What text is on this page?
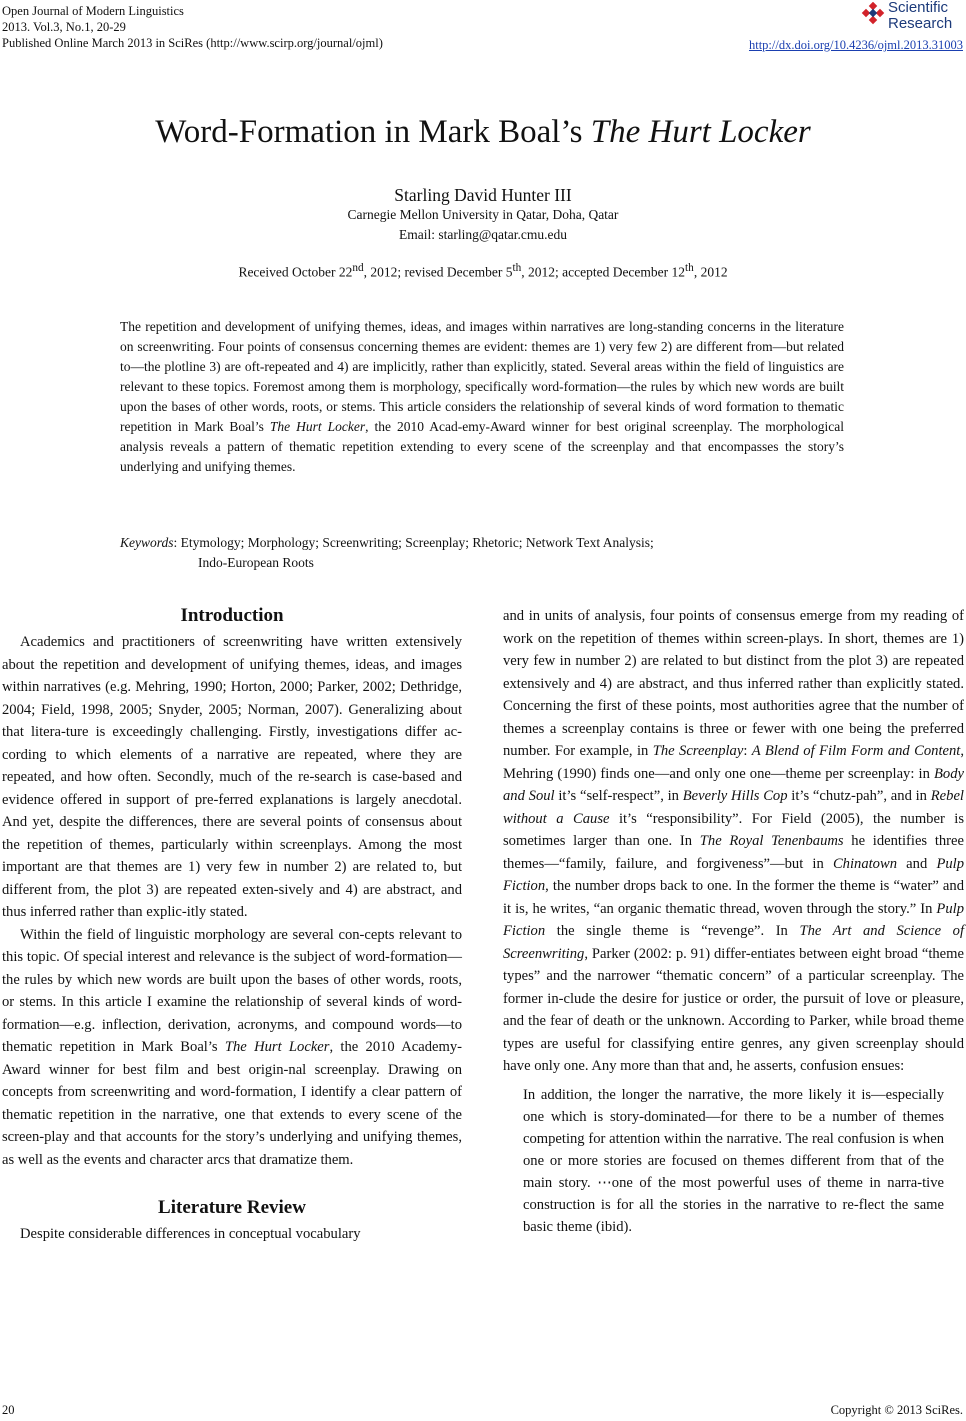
Open Journal of Modern Linguistics
2013. Vol.3, No.1, 20-29
Published Online March 2013 in SciRes (http://www.scirp.org/journal/ojml)	http://dx.doi.org/10.4236/ojml.2013.31003
Scientific
Research
Word-Formation in Mark Boal’s The Hurt Locker
Starling David Hunter III
Carnegie Mellon University in Qatar, Doha, Qatar
Email: starling@qatar.cmu.edu
Received October 22nd, 2012; revised December 5th, 2012; accepted December 12th, 2012
The repetition and development of unifying themes, ideas, and images within narratives are long-standing concerns in the literature on screenwriting. Four points of consensus concerning themes are evident: themes are 1) very few 2) are different from—but related to—the plotline 3) are oft-repeated and 4) are implicitly, rather than explicitly, stated. Several areas within the field of linguistics are relevant to these topics. Foremost among them is morphology, specifically word-formation—the rules by which new words are built upon the bases of other words, roots, or stems. This article considers the relationship of several kinds of word formation to thematic repetition in Mark Boal’s The Hurt Locker, the 2010 Acad-emy-Award winner for best original screenplay. The morphological analysis reveals a pattern of thematic repetition extending to every scene of the screenplay and that encompasses the story’s underlying and unifying themes.
Keywords : Etymology; Morphology; Screenwriting; Screenplay; Rhetoric; Network Text Analysis;
Indo-European Roots
Introduction

Academics and practitioners of screenwriting have written extensively about the repetition and development of unifying themes, ideas, and images within narratives (e.g. Mehring, 1990; Horton, 2000; Parker, 2002; Dethridge, 2004; Field, 1998, 2005; Snyder, 2005; Norman, 2007). Generalizing about that litera-ture is exceedingly challenging. Firstly, investigations differ ac-cording to which elements of a narrative are repeated, where they are repeated, and how often. Secondly, much of the re-search is case-based and evidence offered in support of pre-ferred explanations is largely anecdotal. And yet, despite the differences, there are several points of consensus about the repetition of themes, particularly within screenplays. Among the most important are that themes are 1) very few in number 2) are related to, but different from, the plot 3) are repeated exten-sively and 4) are abstract, and thus inferred rather than explic-itly stated.

Within the field of linguistic morphology are several con-cepts relevant to this topic. Of special interest and relevance is the subject of word-formation—the rules by which new words are built upon the bases of other words, roots, or stems. In this article I examine the relationship of several kinds of word-formation—e.g. inflection, derivation, acronyms, and compound words—to thematic repetition in Mark Boal’s The Hurt Locker, the 2010 Academy-Award winner for best film and best origin-nal screenplay. Drawing on concepts from screenwriting and word-formation, I identify a clear pattern of thematic repetition in the narrative, one that extends to every scene of the screen-play and that accounts for the story’s underlying and unifying themes, as well as the events and character arcs that dramatize them.

Literature Review

Despite considerable differences in conceptual vocabulary

and in units of analysis, four points of consensus emerge from my reading of work on the repetition of themes within screen-plays. In short, themes are 1) very few in number 2) are related to but distinct from the plot 3) are repeated extensively and 4) are abstract, and thus inferred rather than explicitly stated. Concerning the first of these points, most authorities agree that the number of themes a screenplay contains is three or fewer with one being the preferred number. For example, in The Screenplay: A Blend of Film Form and Content, Mehring (1990) finds one—and only one one—theme per screenplay: in Body and Soul it’s “self-respect”, in Beverly Hills Cop it’s “chutz-pah”, and in Rebel without a Cause it’s “responsibility”. For Field (2005), the number is sometimes larger than one. In The Royal Tenenbaums he identifies three themes—“family, failure, and forgiveness”—but in Chinatown and Pulp Fiction, the number drops back to one. In the former the theme is “water” and it is, he writes, “an organic thematic thread, woven through the story.” In Pulp Fiction the single theme is “revenge”. In The Art and Science of Screenwriting, Parker (2002: p. 91) differ-entiates between eight broad “theme types” and the narrower “thematic concern” of a particular screenplay. The former in-clude the desire for justice or order, the pursuit of love or pleasure, and the fear of death or the unknown. According to Parker, while broad theme types are useful for classifying entire genres, any given screenplay should have only one. Any more than that and, he asserts, confusion ensues:

In addition, the longer the narrative, the more likely it is—especially one which is story-dominated—for there to be a number of themes competing for attention within the narrative. The real confusion is when one or more stories are focused on themes different from that of the main story. ⋯one of the most powerful uses of theme in narra-tive construction is for all the stories in the narrative to re-flect the same basic theme (ibid).

20	Copyright © 2013 SciRes.
